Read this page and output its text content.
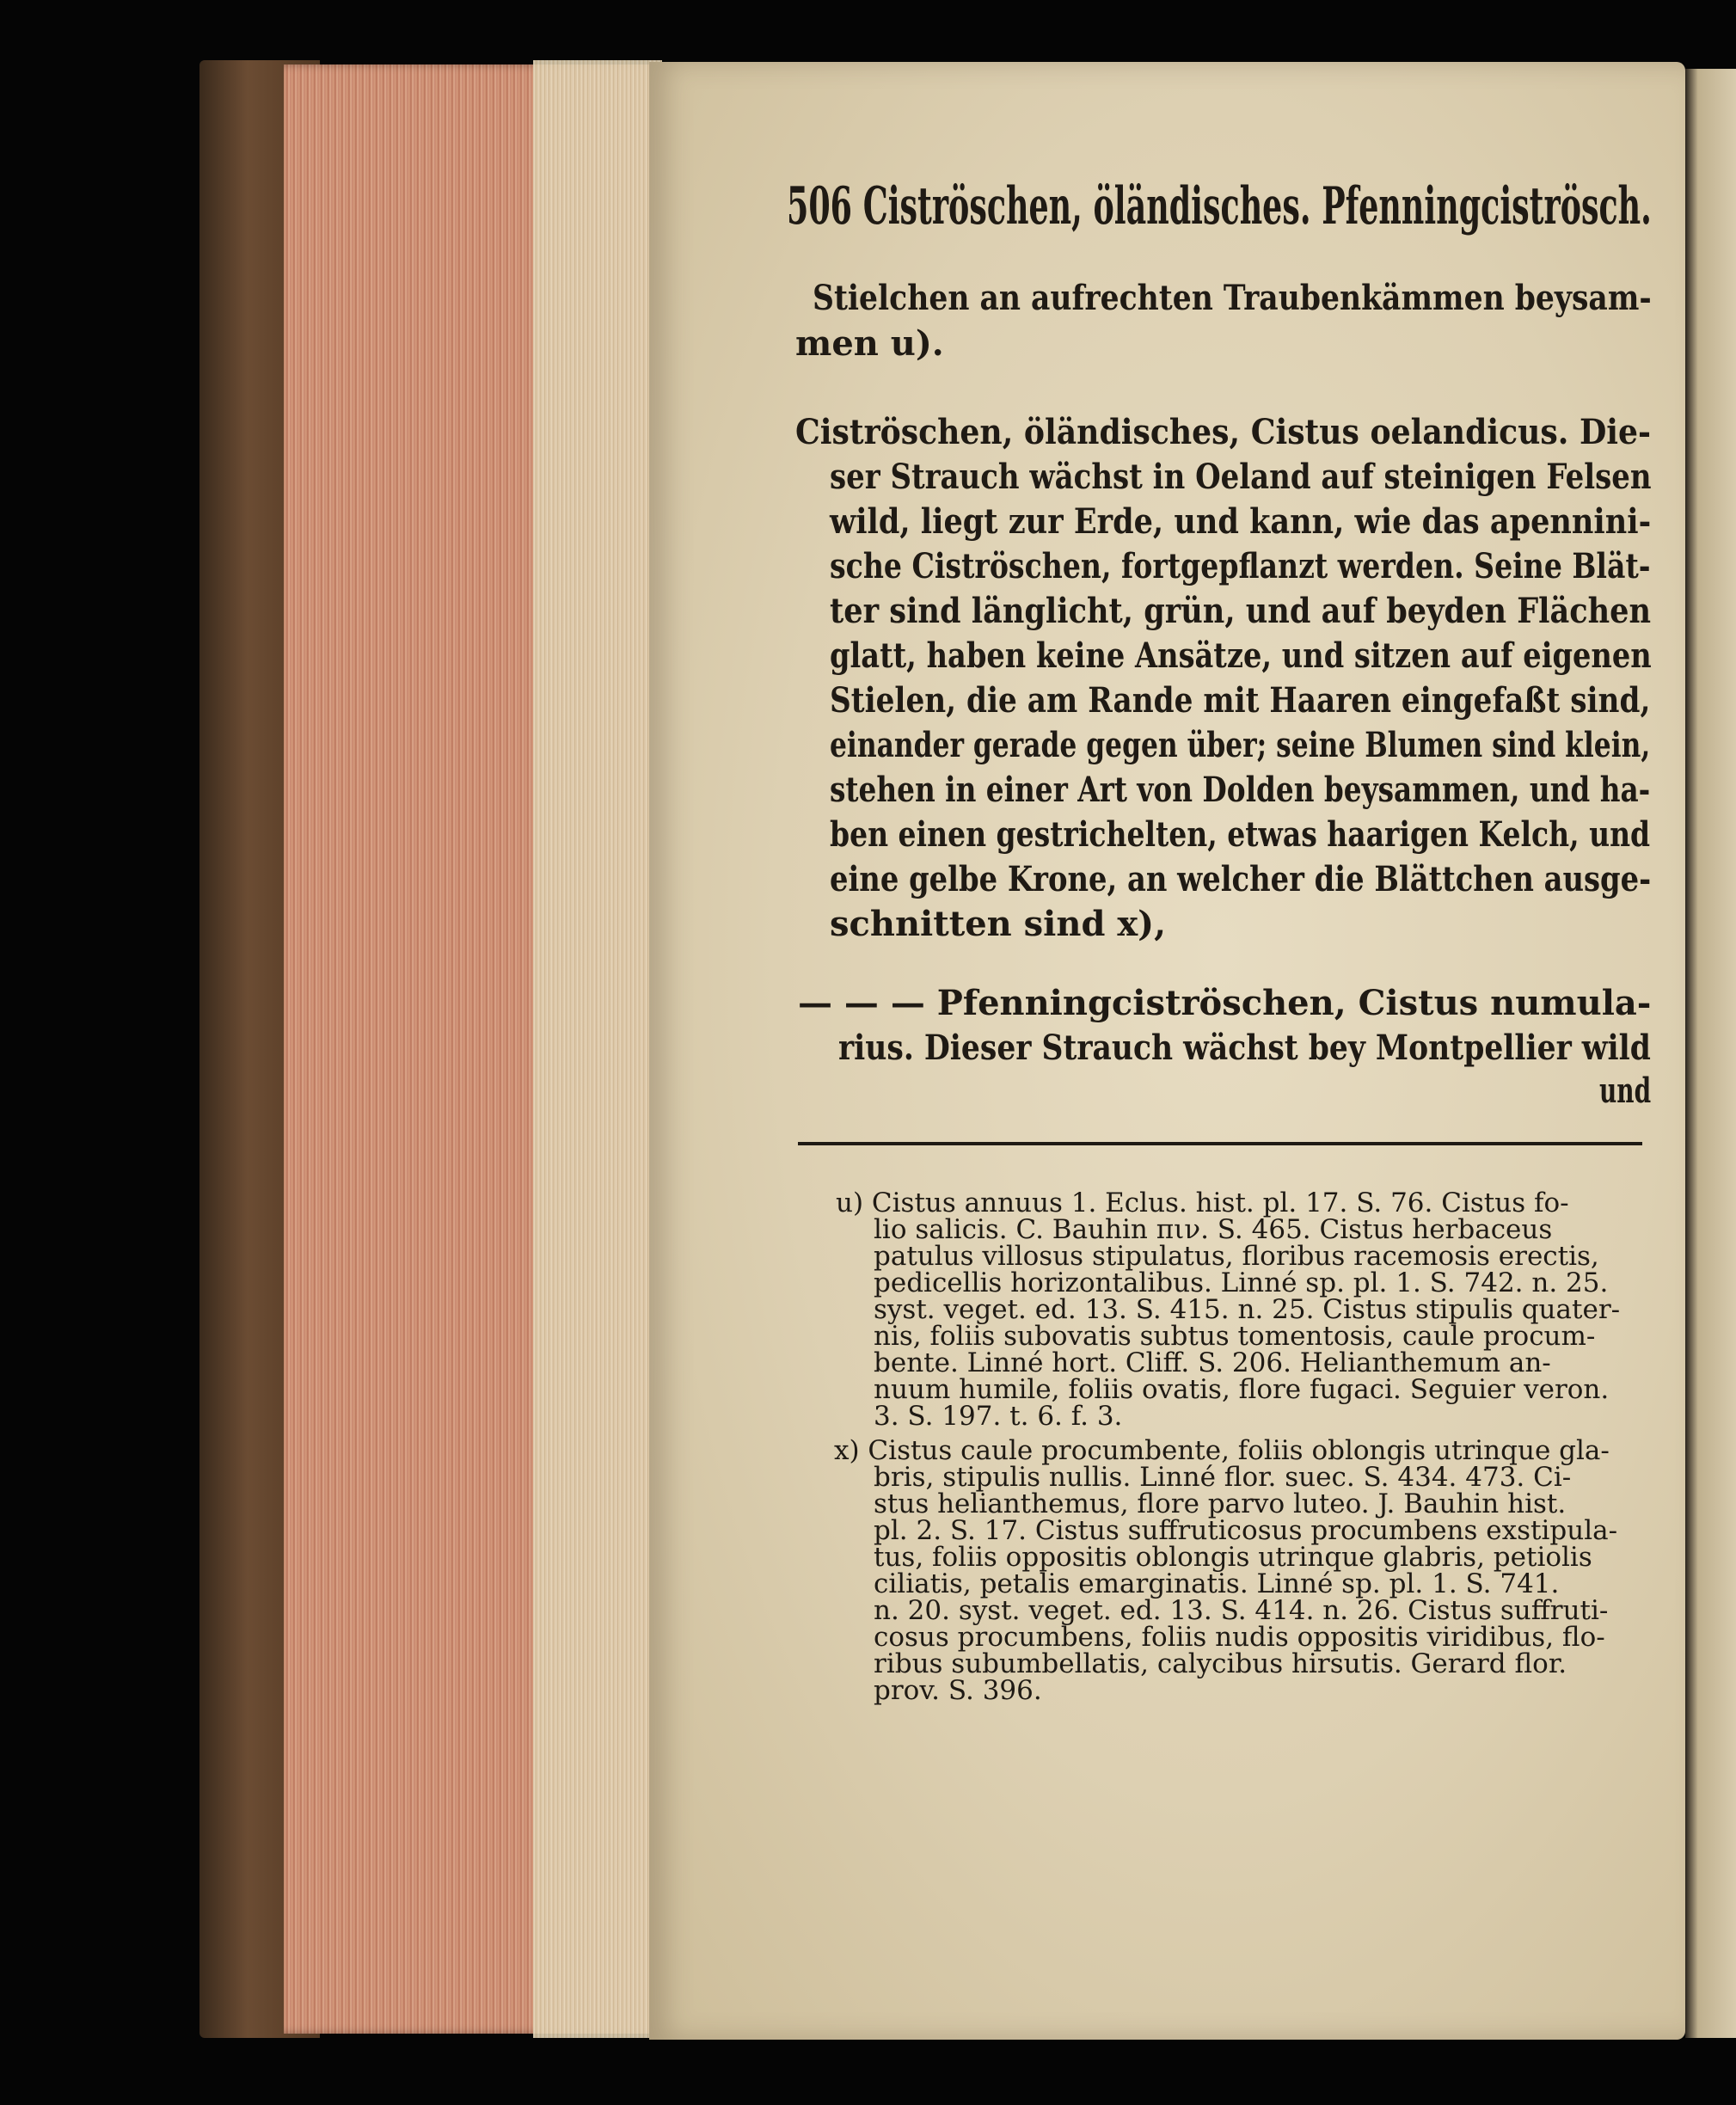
506 Ciströschen, öländisches. Pfenningciströsch.
Stielchen an aufrechten Traubenkämmen beysam-
men u).
Ciströschen, öländisches, Cistus oelandicus. Die-
ser Strauch wächst in Oeland auf steinigen Felsen
wild, liegt zur Erde, und kann, wie das apennini-
sche Ciströschen, fortgepflanzt werden. Seine Blät-
ter sind länglicht, grün, und auf beyden Flächen
glatt, haben keine Ansätze, und sitzen auf eigenen
Stielen, die am Rande mit Haaren eingefaßt sind,
einander gerade gegen über; seine Blumen sind klein,
stehen in einer Art von Dolden beysammen, und ha-
ben einen gestrichelten, etwas haarigen Kelch, und
eine gelbe Krone, an welcher die Blättchen ausge-
schnitten sind x),
— — — Pfenningciströschen, Cistus numula-
rius. Dieser Strauch wächst bey Montpellier wild
und
u) Cistus annuus 1. Eclus. hist. pl. 17. S. 76. Cistus fo-
lio salicis. C. Bauhin πιν. S. 465. Cistus herbaceus
patulus villosus stipulatus, floribus racemosis erectis,
pedicellis horizontalibus. Linné sp. pl. 1. S. 742. n. 25.
syst. veget. ed. 13. S. 415. n. 25. Cistus stipulis quater-
nis, foliis subovatis subtus tomentosis, caule procum-
bente. Linné hort. Cliff. S. 206. Helianthemum an-
nuum humile, foliis ovatis, flore fugaci. Seguier veron.
3. S. 197. t. 6. f. 3.
x) Cistus caule procumbente, foliis oblongis utrinque gla-
bris, stipulis nullis. Linné flor. suec. S. 434. 473. Ci-
stus helianthemus, flore parvo luteo. J. Bauhin hist.
pl. 2. S. 17. Cistus suffruticosus procumbens exstipula-
tus, foliis oppositis oblongis utrinque glabris, petiolis
ciliatis, petalis emarginatis. Linné sp. pl. 1. S. 741.
n. 20. syst. veget. ed. 13. S. 414. n. 26. Cistus suffruti-
cosus procumbens, foliis nudis oppositis viridibus, flo-
ribus subumbellatis, calycibus hirsutis. Gerard flor.
prov. S. 396.
